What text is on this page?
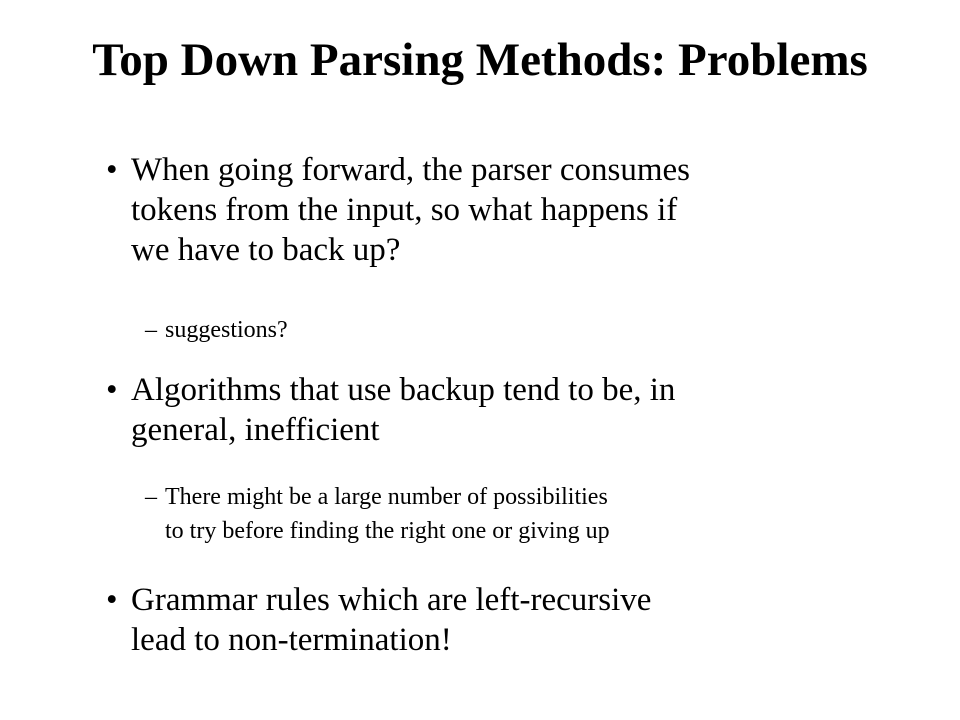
Top Down Parsing Methods: Problems
• When going forward, the parser consumes
tokens from the input, so what happens if
we have to back up?
– suggestions?
• Algorithms that use backup tend to be, in
general, inefficient
– There might be a large number of possibilities
to try before finding the right one or giving up
• Grammar rules which are left-recursive
lead to non-termination!
